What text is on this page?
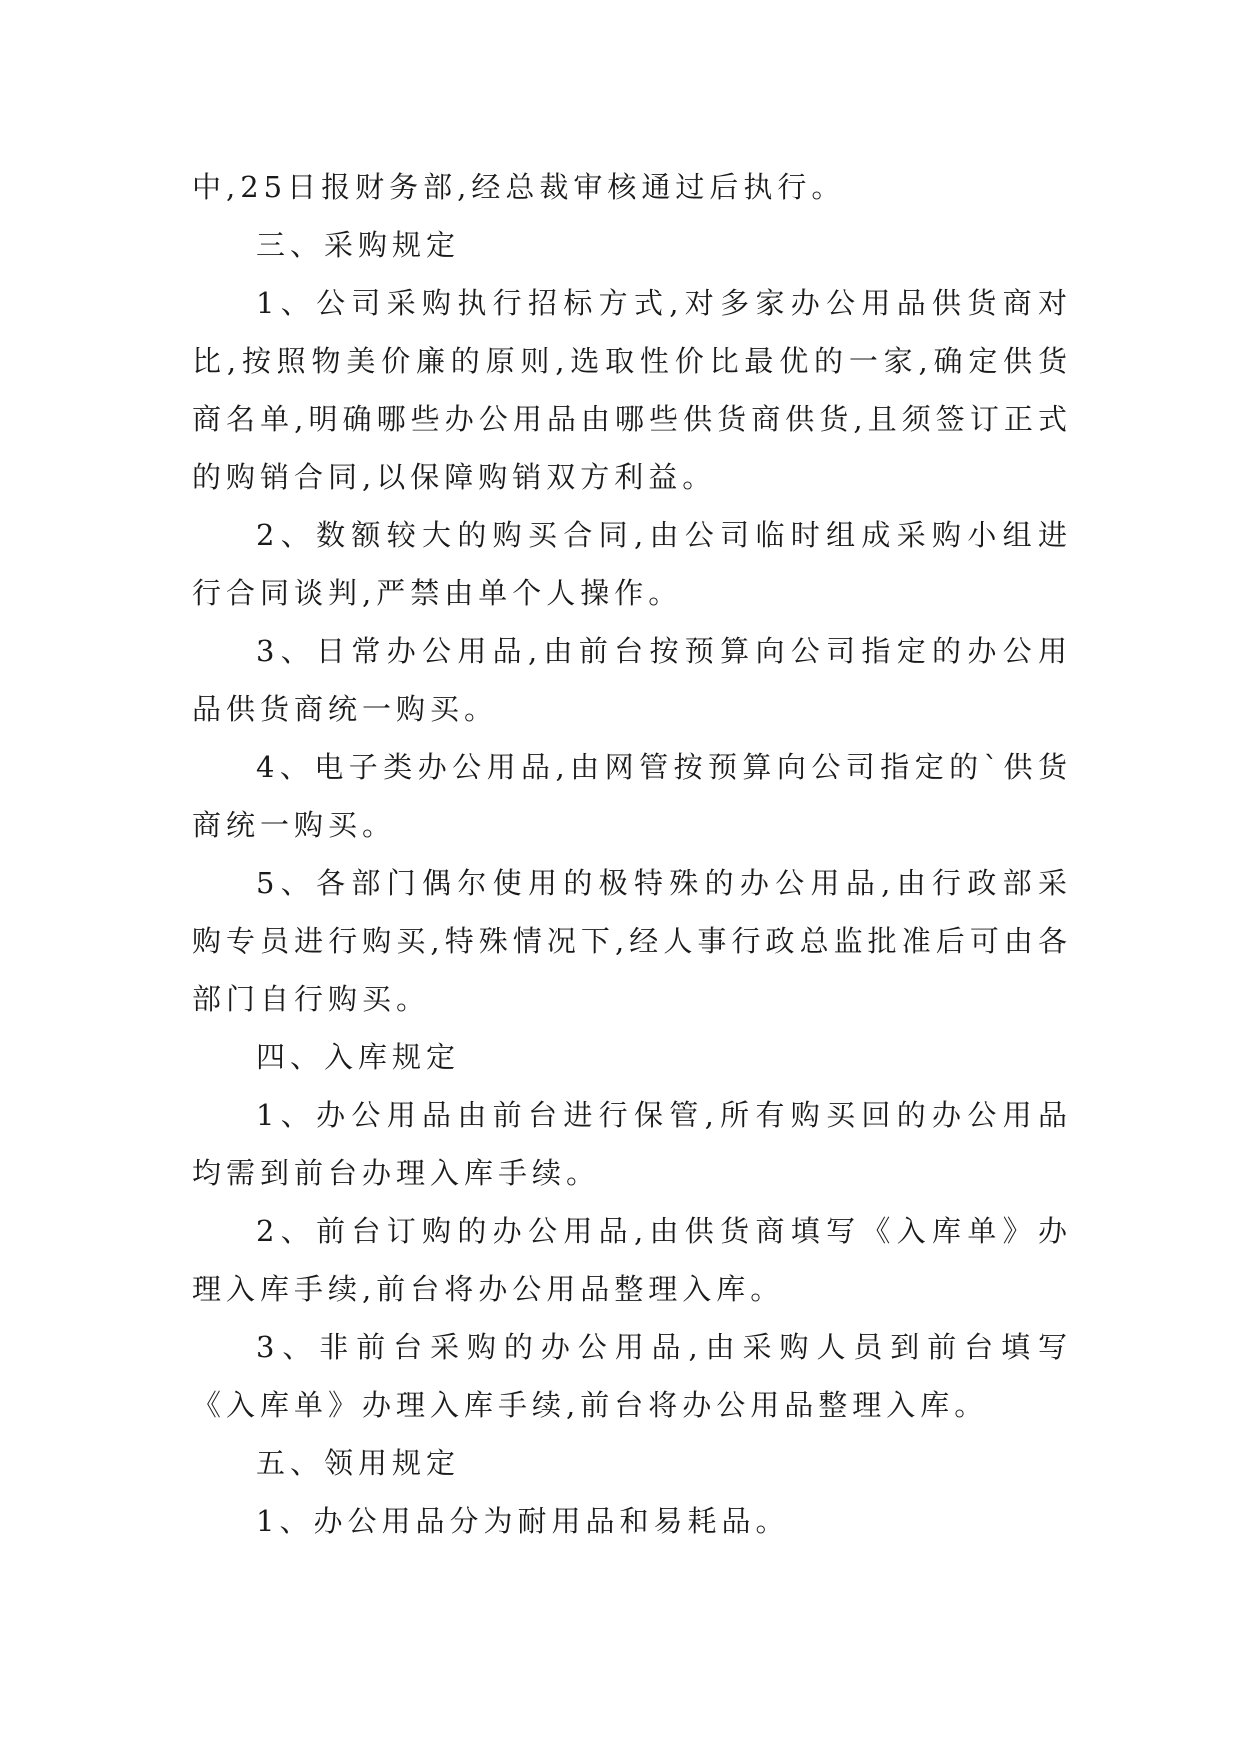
中,25日报财务部,经总裁审核通过后执行。

三、采购规定

1、公司采购执行招标方式,对多家办公用品供货商对比,按照物美价廉的原则,选取性价比最优的一家,确定供货商名单,明确哪些办公用品由哪些供货商供货,且须签订正式的购销合同,以保障购销双方利益。

2、数额较大的购买合同,由公司临时组成采购小组进行合同谈判,严禁由单个人操作。

3、日常办公用品,由前台按预算向公司指定的办公用品供货商统一购买。

4、电子类办公用品,由网管按预算向公司指定的`供货商统一购买。

5、各部门偶尔使用的极特殊的办公用品,由行政部采购专员进行购买,特殊情况下,经人事行政总监批准后可由各部门自行购买。

四、入库规定

1、办公用品由前台进行保管,所有购买回的办公用品均需到前台办理入库手续。

2、前台订购的办公用品,由供货商填写《入库单》办理入库手续,前台将办公用品整理入库。

3、非前台采购的办公用品,由采购人员到前台填写《入库单》办理入库手续,前台将办公用品整理入库。

五、领用规定

1、办公用品分为耐用品和易耗品。
